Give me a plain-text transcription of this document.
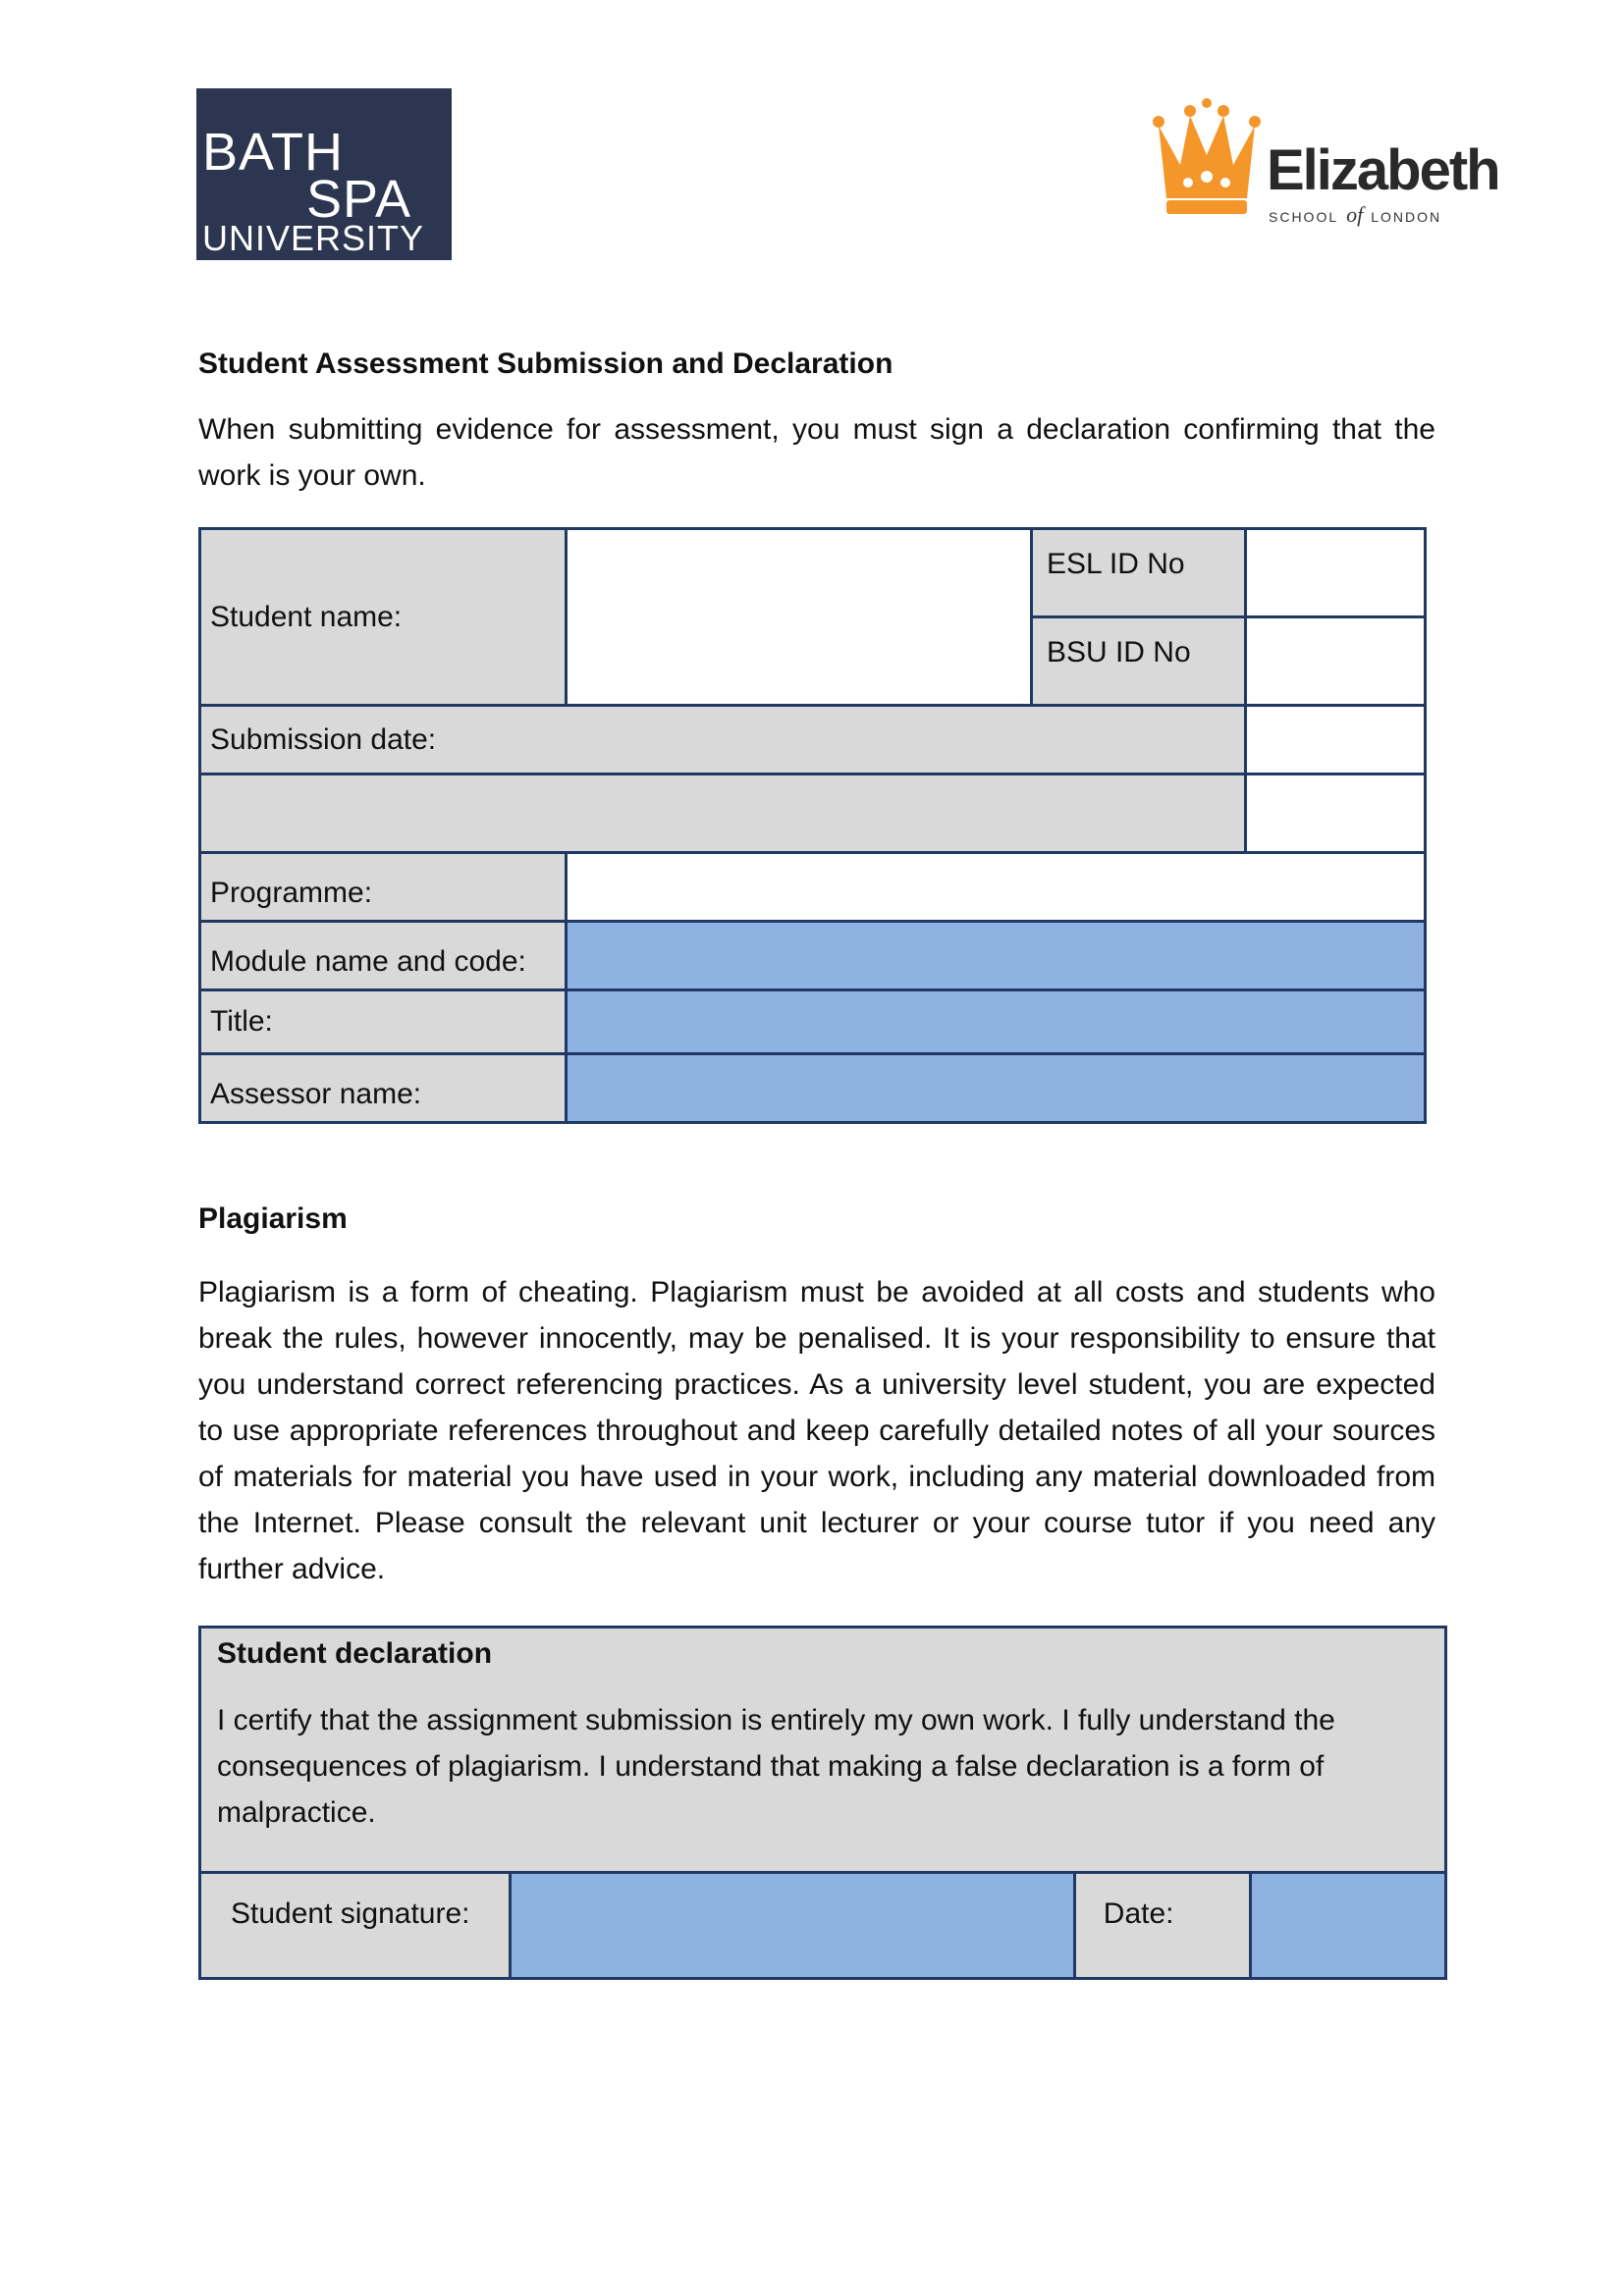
BATH
SPA
UNIVERSITY
Elizabeth
SCHOOL of LONDON
Student Assessment Submission and Declaration
When submitting evidence for assessment, you must sign a declaration confirming that the work is your own.
Student name:		ESL ID No	
		BSU ID No	
Submission date:			

Programme:			
Module name and code:			
Title:			
Assessor name:			
Plagiarism
Plagiarism is a form of cheating. Plagiarism must be avoided at all costs and students who break the rules, however innocently, may be penalised. It is your responsibility to ensure that you understand correct referencing practices. As a university level student, you are expected to use appropriate references throughout and keep carefully detailed notes of all your sources of materials for material you have used in your work, including any material downloaded from the Internet. Please consult the relevant unit lecturer or your course tutor if you need any further advice.
Student declaration
I certify that the assignment submission is entirely my own work. I fully understand the consequences of plagiarism. I understand that making a false declaration is a form of malpractice.

Student signature:		Date:	
